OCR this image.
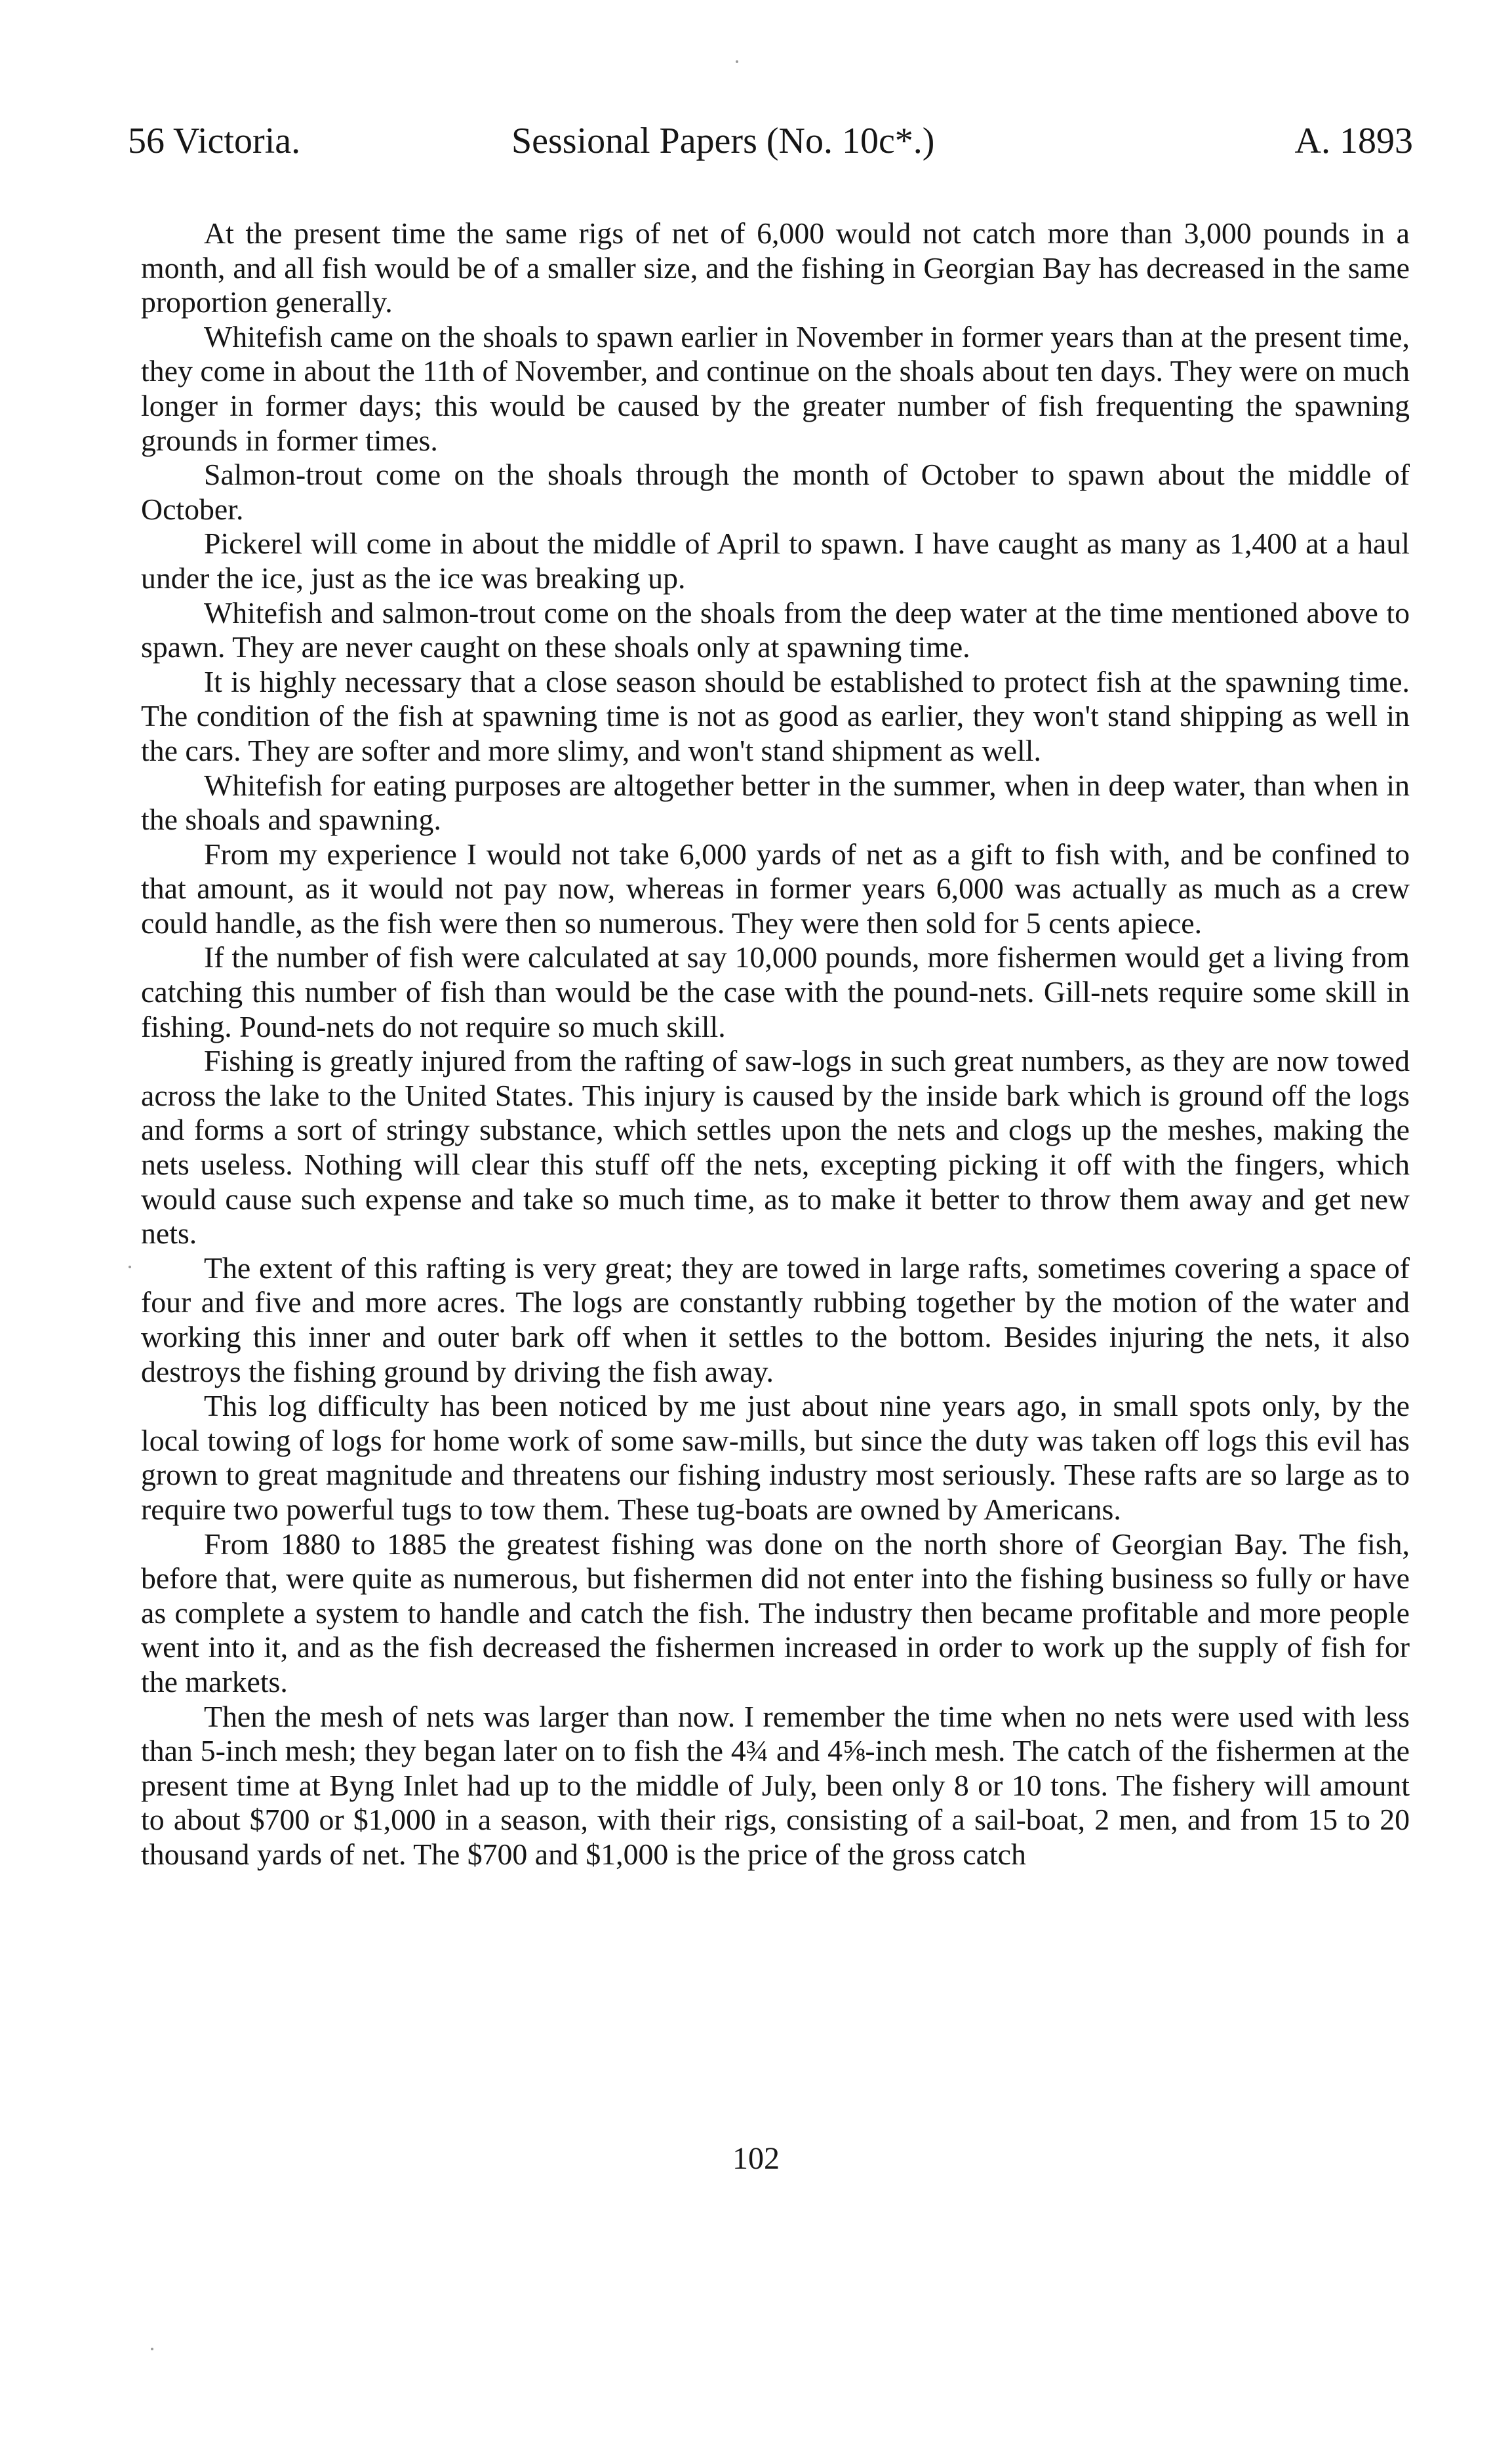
56 Victoria.	Sessional Papers (No. 10c*.)	A. 1893

At the present time the same rigs of net of 6,000 would not catch more than 3,000 pounds in a month, and all fish would be of a smaller size, and the fishing in Georgian Bay has decreased in the same proportion generally.

Whitefish came on the shoals to spawn earlier in November in former years than at the present time, they come in about the 11th of November, and continue on the shoals about ten days. They were on much longer in former days; this would be caused by the greater number of fish frequenting the spawning grounds in former times.

Salmon-trout come on the shoals through the month of October to spawn about the middle of October.

Pickerel will come in about the middle of April to spawn. I have caught as many as 1,400 at a haul under the ice, just as the ice was breaking up.

Whitefish and salmon-trout come on the shoals from the deep water at the time mentioned above to spawn. They are never caught on these shoals only at spawning time.

It is highly necessary that a close season should be established to protect fish at the spawning time. The condition of the fish at spawning time is not as good as earlier, they won't stand shipping as well in the cars. They are softer and more slimy, and won't stand shipment as well.

Whitefish for eating purposes are altogether better in the summer, when in deep water, than when in the shoals and spawning.

From my experience I would not take 6,000 yards of net as a gift to fish with, and be confined to that amount, as it would not pay now, whereas in former years 6,000 was actually as much as a crew could handle, as the fish were then so numerous. They were then sold for 5 cents apiece.

If the number of fish were calculated at say 10,000 pounds, more fishermen would get a living from catching this number of fish than would be the case with the pound-nets. Gill-nets require some skill in fishing. Pound-nets do not require so much skill.

Fishing is greatly injured from the rafting of saw-logs in such great numbers, as they are now towed across the lake to the United States. This injury is caused by the inside bark which is ground off the logs and forms a sort of stringy substance, which settles upon the nets and clogs up the meshes, making the nets useless. Nothing will clear this stuff off the nets, excepting picking it off with the fingers, which would cause such expense and take so much time, as to make it better to throw them away and get new nets.

The extent of this rafting is very great; they are towed in large rafts, sometimes covering a space of four and five and more acres. The logs are constantly rubbing together by the motion of the water and working this inner and outer bark off when it settles to the bottom. Besides injuring the nets, it also destroys the fishing ground by driving the fish away.

This log difficulty has been noticed by me just about nine years ago, in small spots only, by the local towing of logs for home work of some saw-mills, but since the duty was taken off logs this evil has grown to great magnitude and threatens our fishing industry most seriously. These rafts are so large as to require two powerful tugs to tow them. These tug-boats are owned by Americans.

From 1880 to 1885 the greatest fishing was done on the north shore of Georgian Bay. The fish, before that, were quite as numerous, but fishermen did not enter into the fishing business so fully or have as complete a system to handle and catch the fish. The industry then became profitable and more people went into it, and as the fish decreased the fishermen increased in order to work up the supply of fish for the markets.

Then the mesh of nets was larger than now. I remember the time when no nets were used with less than 5-inch mesh; they began later on to fish the 4¾ and 4⅝-inch mesh. The catch of the fishermen at the present time at Byng Inlet had up to the middle of July, been only 8 or 10 tons. The fishery will amount to about $700 or $1,000 in a season, with their rigs, consisting of a sail-boat, 2 men, and from 15 to 20 thousand yards of net. The $700 and $1,000 is the price of the gross catch

102
